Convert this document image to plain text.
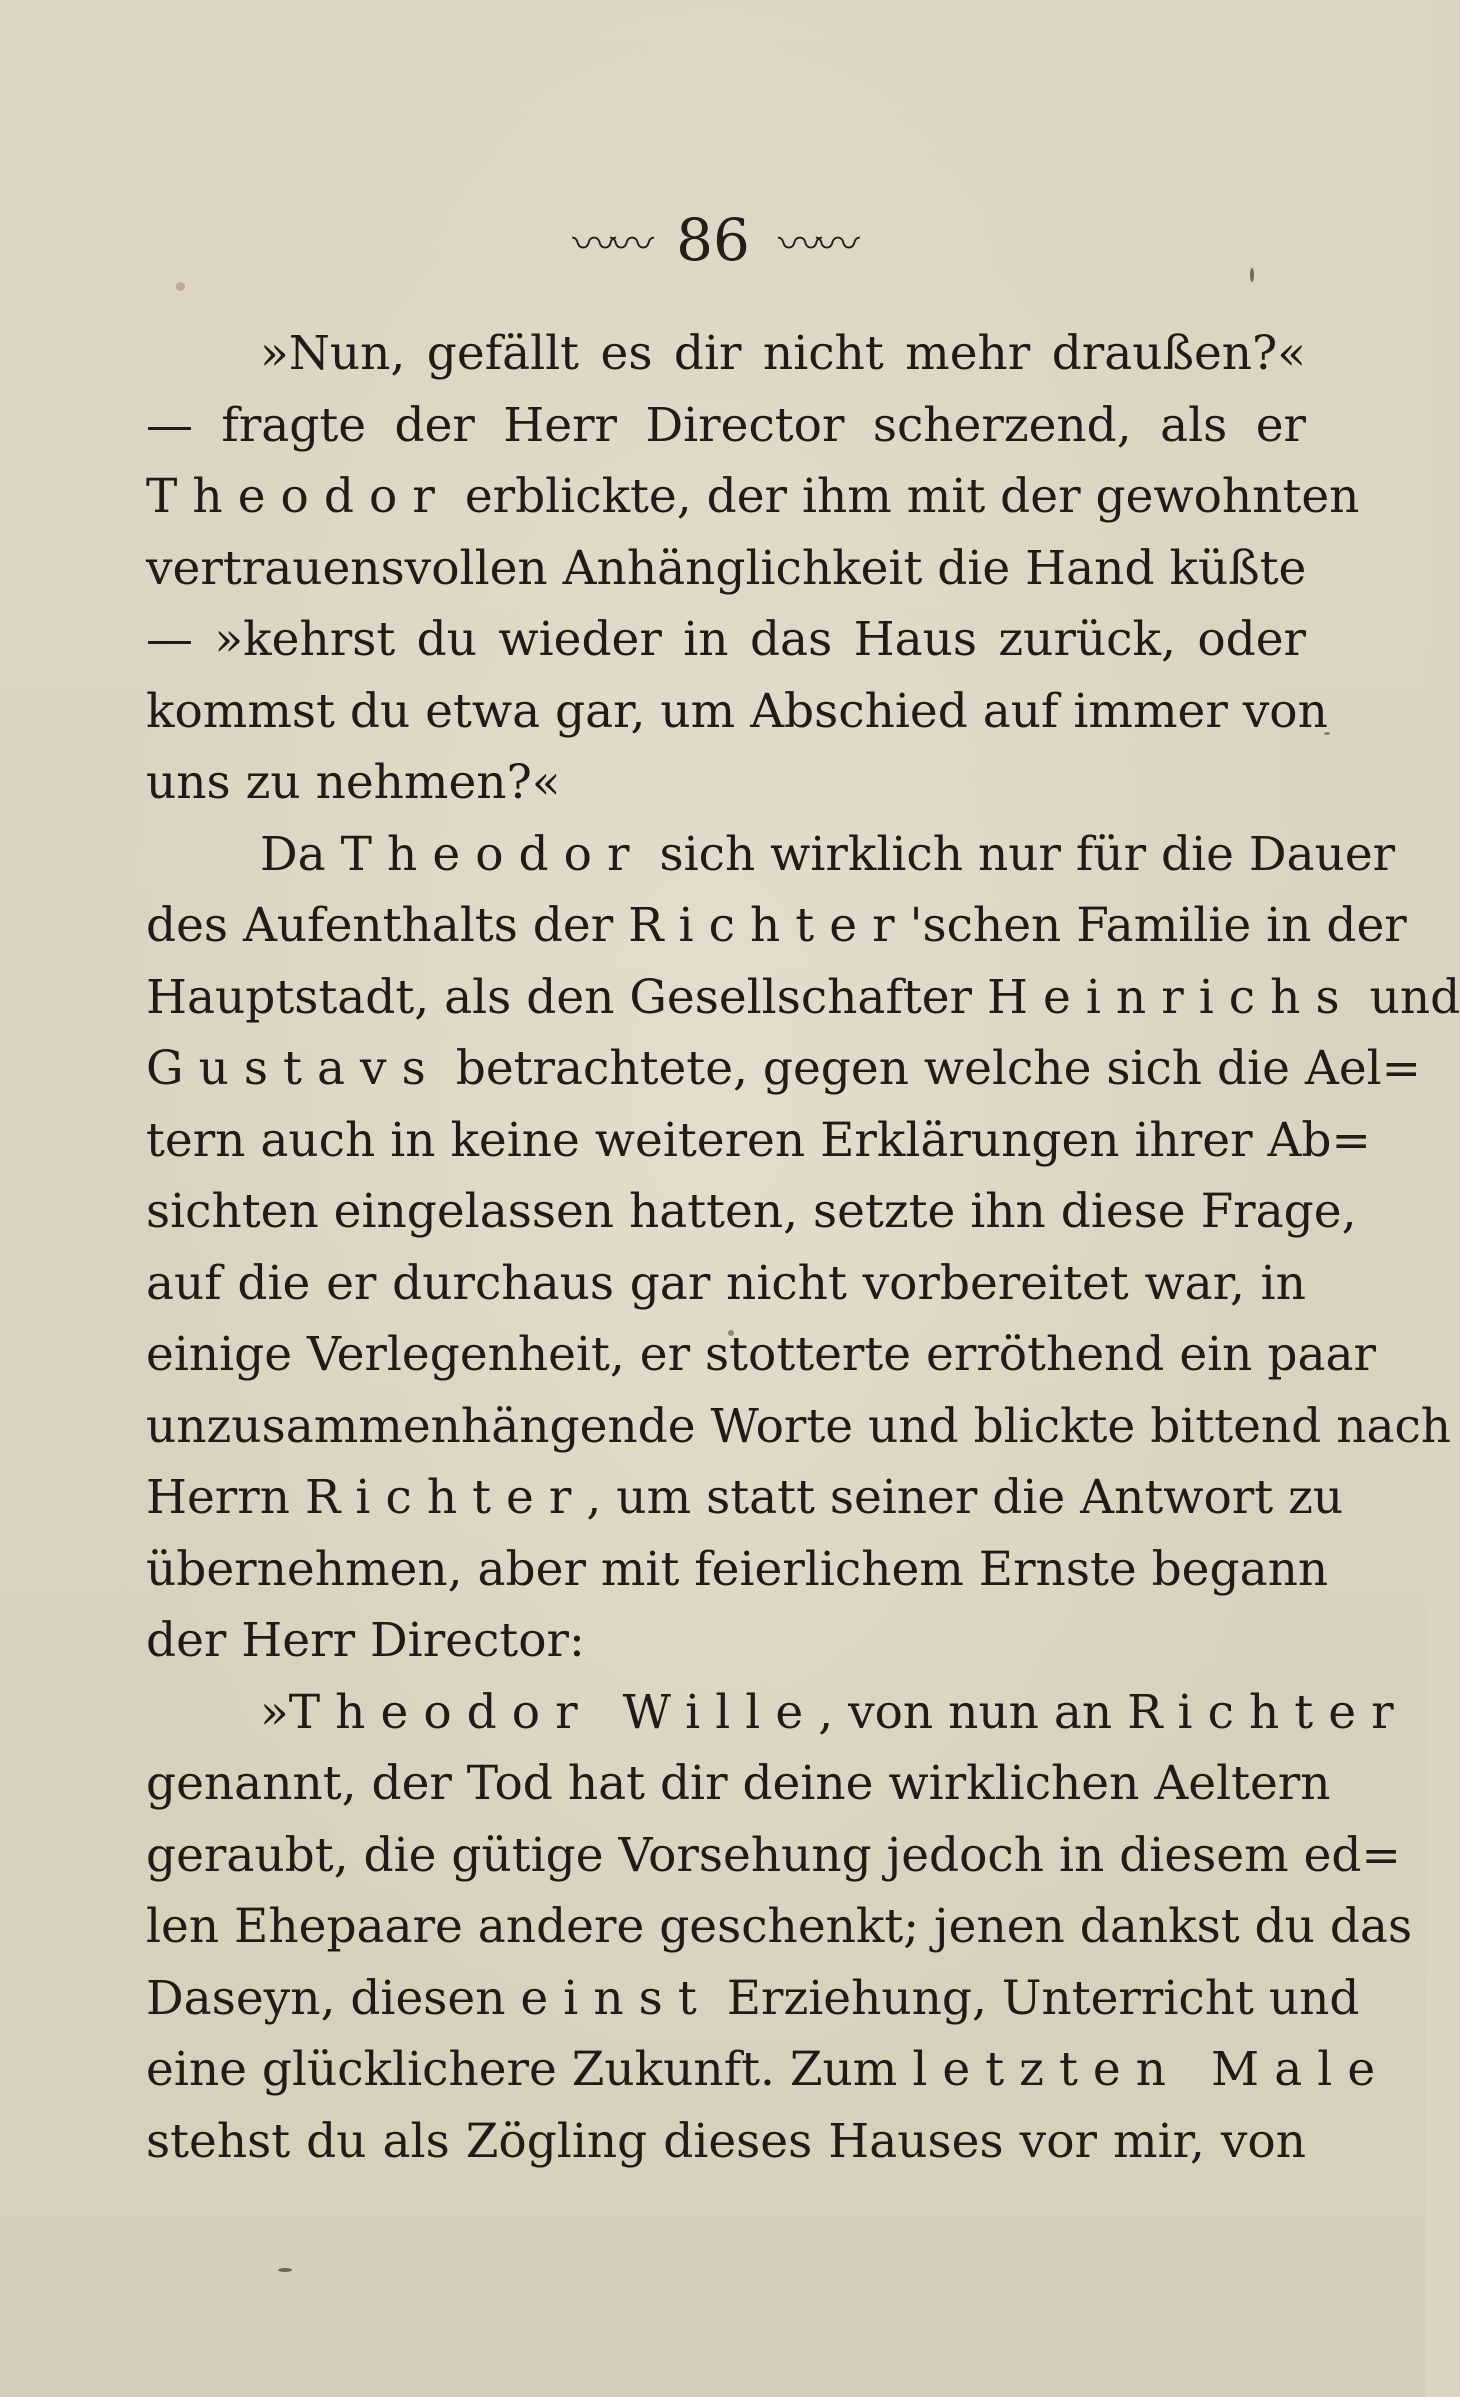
〰〰 86 〰〰
»Nun, gefällt es dir nicht mehr draußen?«
— fragte der Herr Director scherzend, als er
Theodor erblickte, der ihm mit der gewohnten
vertrauensvollen Anhänglichkeit die Hand küßte
— »kehrst du wieder in das Haus zurück, oder
kommst du etwa gar, um Abschied auf immer von
uns zu nehmen?«
Da Theodor sich wirklich nur für die Dauer
des Aufenthalts der Richter'schen Familie in der
Hauptstadt, als den Gesellschafter Heinrichs und
Gustavs betrachtete, gegen welche sich die Ael=
tern auch in keine weiteren Erklärungen ihrer Ab=
sichten eingelassen hatten, setzte ihn diese Frage,
auf die er durchaus gar nicht vorbereitet war, in
einige Verlegenheit, er stotterte erröthend ein paar
unzusammenhängende Worte und blickte bittend nach
Herrn Richter, um statt seiner die Antwort zu
übernehmen, aber mit feierlichem Ernste begann
der Herr Director:
»Theodor Wille, von nun an Richter
genannt, der Tod hat dir deine wirklichen Aeltern
geraubt, die gütige Vorsehung jedoch in diesem ed=
len Ehepaare andere geschenkt; jenen dankst du das
Daseyn, diesen einst Erziehung, Unterricht und
eine glücklichere Zukunft. Zum letzten Male
stehst du als Zögling dieses Hauses vor mir, von
